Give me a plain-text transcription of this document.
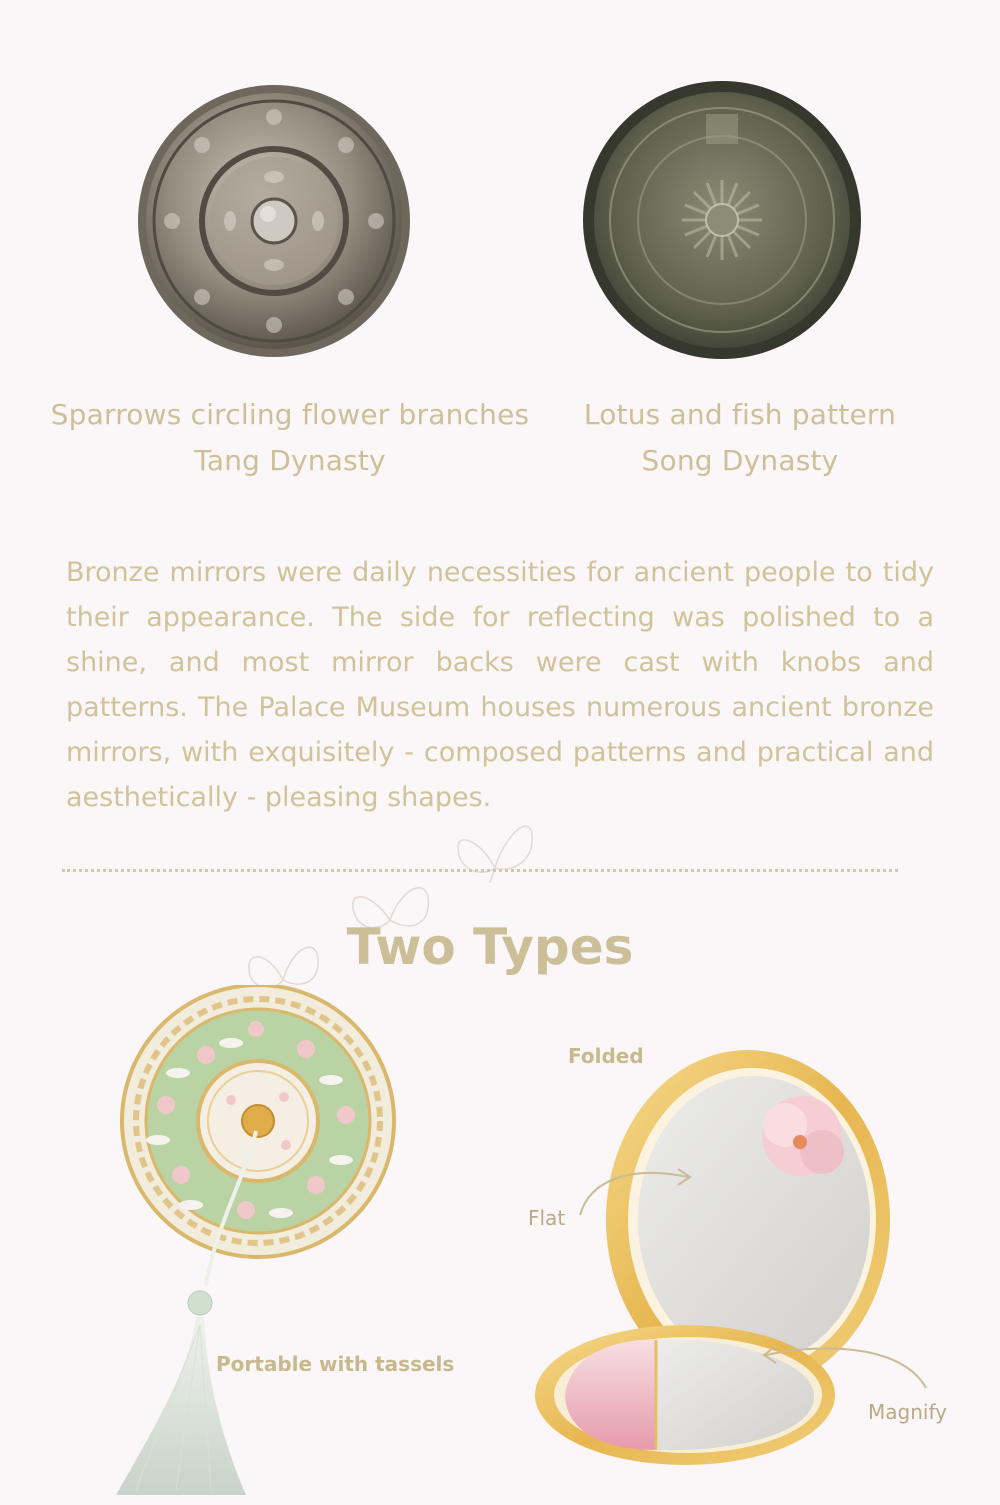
Sparrows circling flower branches
Tang Dynasty
Lotus and fish pattern
Song Dynasty
Bronze mirrors were daily necessities for ancient people to tidy their appearance. The side for reflecting was polished to a shine, and most mirror backs were cast with knobs and patterns. The Palace Museum houses numerous ancient bronze mirrors, with exquisitely - composed patterns and practical and aesthetically - pleasing shapes.
Two Types
Portable with tassels
Folded
Flat
Magnify
